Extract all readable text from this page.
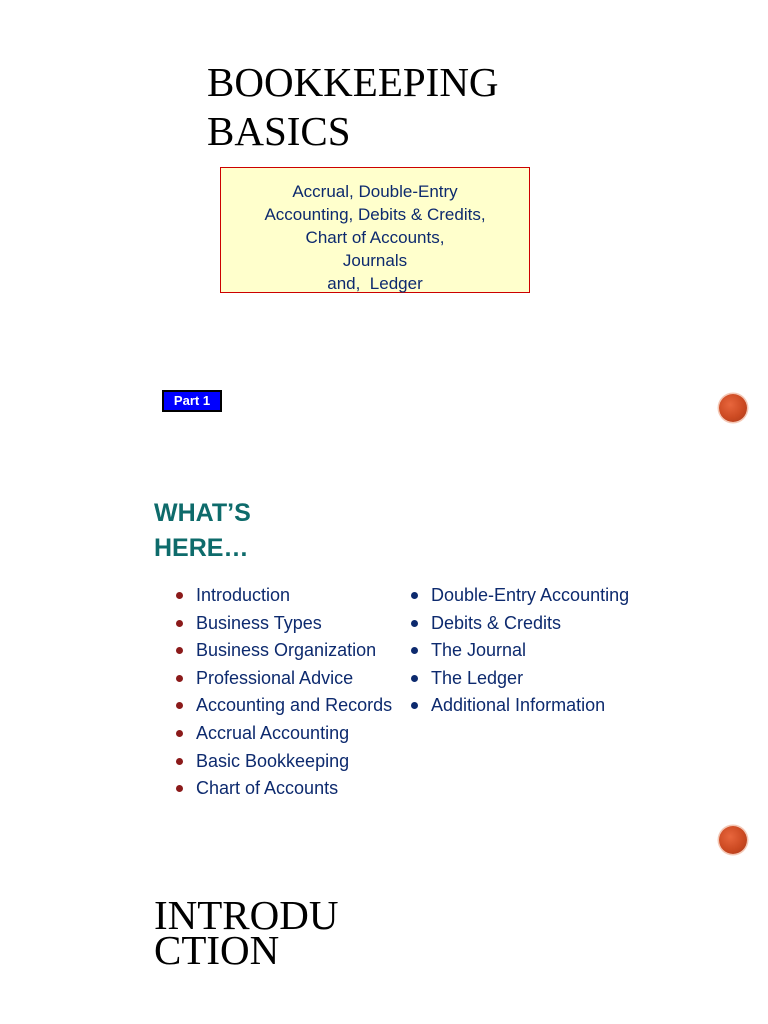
BOOKKEEPING
BASICS
Accrual, Double-Entry
Accounting, Debits & Credits,
Chart of Accounts,
Journals
and,  Ledger
Part 1
WHAT’S
HERE…
Introduction
Business Types
Business Organization
Professional Advice
Accounting and Records
Accrual Accounting
Basic Bookkeeping
Chart of Accounts
Double-Entry Accounting
Debits & Credits
The Journal
The Ledger
Additional Information
INTRODU
CTION
